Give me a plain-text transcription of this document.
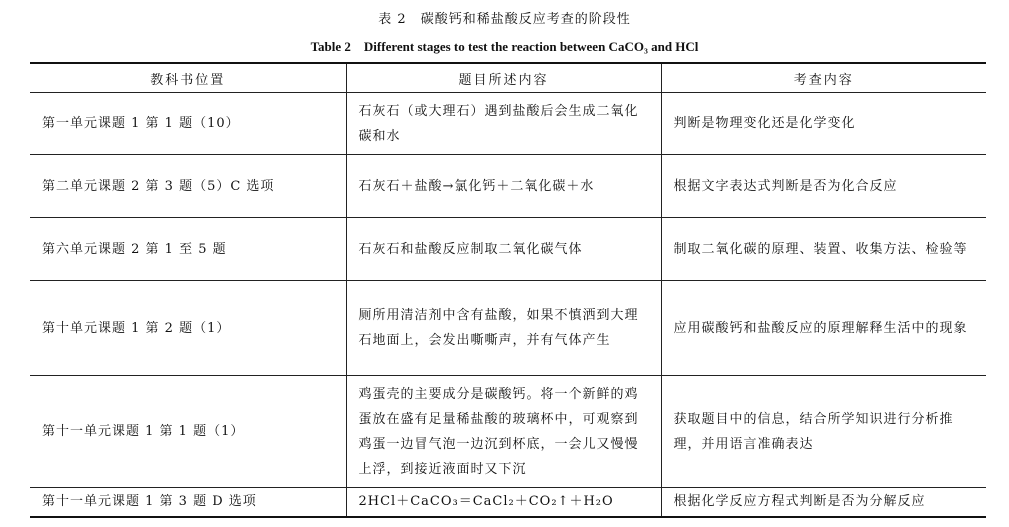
表 2　碳酸钙和稀盐酸反应考查的阶段性
Table 2　Different stages to test the reaction between CaCO₃ and HCl
教科书位置	题目所述内容	考查内容
第一单元课题 1 第 1 题（10）	石灰石（或大理石）遇到盐酸后会生成二氧化碳和水	判断是物理变化还是化学变化
第二单元课题 2 第 3 题（5）C 选项	石灰石＋盐酸→氯化钙＋二氧化碳＋水	根据文字表达式判断是否为化合反应
第六单元课题 2 第 1 至 5 题	石灰石和盐酸反应制取二氧化碳气体	制取二氧化碳的原理、装置、收集方法、检验等
第十单元课题 1 第 2 题（1）	厕所用清洁剂中含有盐酸，如果不慎洒到大理石地面上，会发出嘶嘶声，并有气体产生	应用碳酸钙和盐酸反应的原理解释生活中的现象
第十一单元课题 1 第 1 题（1）	鸡蛋壳的主要成分是碳酸钙。将一个新鲜的鸡蛋放在盛有足量稀盐酸的玻璃杯中，可观察到鸡蛋一边冒气泡一边沉到杯底，一会儿又慢慢上浮，到接近液面时又下沉	获取题目中的信息，结合所学知识进行分析推理，并用语言准确表达
第十一单元课题 1 第 3 题 D 选项	2HCl＋CaCO₃＝CaCl₂＋CO₂↑＋H₂O	根据化学反应方程式判断是否为分解反应
